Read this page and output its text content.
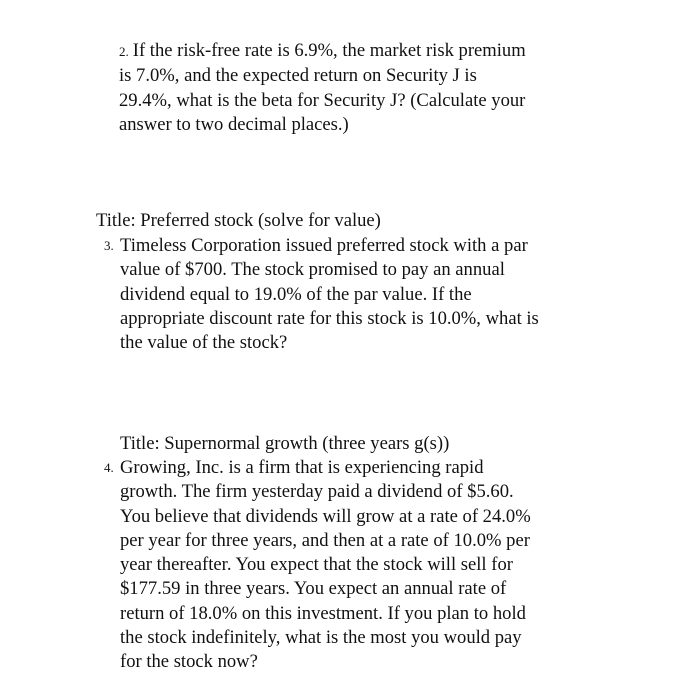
2. If the risk-free rate is 6.9%, the market risk premium
is 7.0%, and the expected return on Security J is
29.4%, what is the beta for Security J? (Calculate your
answer to two decimal places.)
Title: Preferred stock (solve for value)
3. Timeless Corporation issued preferred stock with a par
value of $700. The stock promised to pay an annual
dividend equal to 19.0% of the par value. If the
appropriate discount rate for this stock is 10.0%, what is
the value of the stock?
Title: Supernormal growth (three years g(s))
4. Growing, Inc. is a firm that is experiencing rapid
growth. The firm yesterday paid a dividend of $5.60.
You believe that dividends will grow at a rate of 24.0%
per year for three years, and then at a rate of 10.0% per
year thereafter. You expect that the stock will sell for
$177.59 in three years. You expect an annual rate of
return of 18.0% on this investment. If you plan to hold
the stock indefinitely, what is the most you would pay
for the stock now?
